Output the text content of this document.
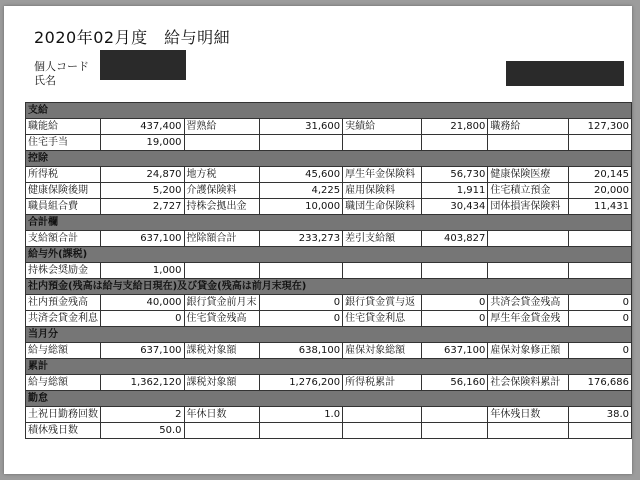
2020年02月度　給与明細
個人コード
氏名
支給							
職能給	437,400	習熟給	31,600	実績給	21,800	職務給	127,300
住宅手当	19,000						
控除							
所得税	24,870	地方税	45,600	厚生年金保険料	56,730	健康保険医療	20,145
健康保険後期	5,200	介護保険料	4,225	雇用保険料	1,911	住宅積立預金	20,000
職員組合費	2,727	持株会拠出金	10,000	職団生命保険料	30,434	団体損害保険料	11,431
合計欄							
支給額合計	637,100	控除額合計	233,273	差引支給額	403,827		
給与外(課税)							
持株会奨励金	1,000						
社内預金(残高は給与支給日現在)及び貸金(残高は前月末現在)							
社内預金残高	40,000	銀行貸金前月末	0	銀行貸金賞与返	0	共済会貸金残高	0
共済会貸金利息	0	住宅貸金残高	0	住宅貸金利息	0	厚生年金貸金残	0
当月分							
給与総額	637,100	課税対象額	638,100	雇保対象総額	637,100	雇保対象修正額	0
累計							
給与総額	1,362,120	課税対象額	1,276,200	所得税累計	56,160	社会保険料累計	176,686
勤怠							
土祝日勤務回数	2	年休日数	1.0			年休残日数	38.0
積休残日数	50.0						
